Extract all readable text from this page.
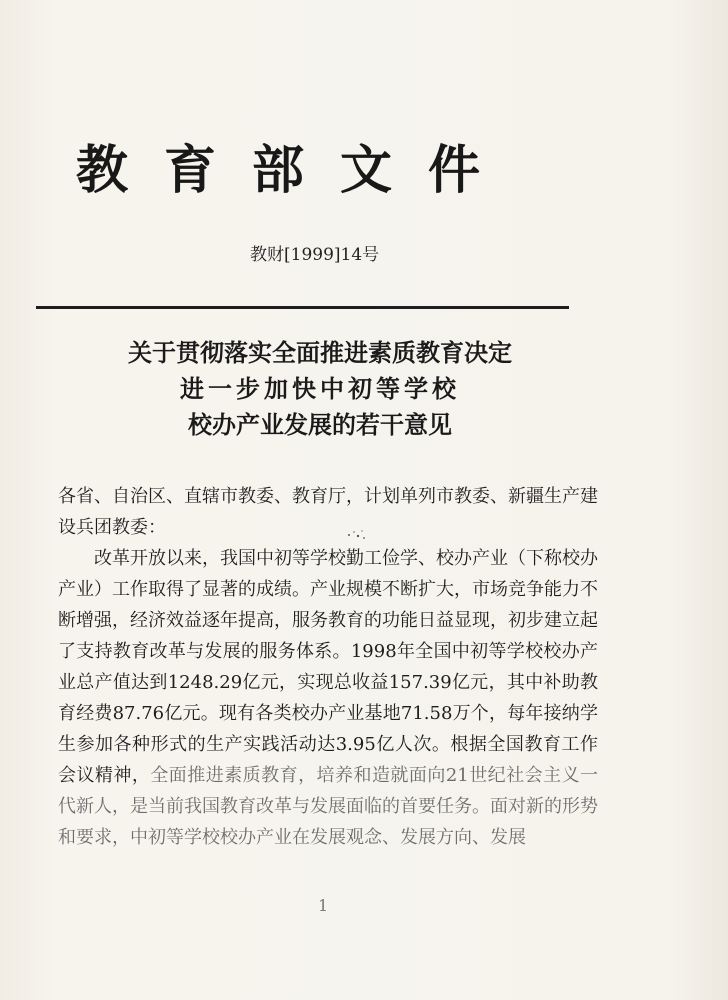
教育部文件
教财[1999]14号
关于贯彻落实全面推进素质教育决定
进一步加快中初等学校
校办产业发展的若干意见

各省、自治区、直辖市教委、教育厅，计划单列市教委、新疆生产建设兵团教委：

改革开放以来，我国中初等学校勤工俭学、校办产业（下称校办产业）工作取得了显著的成绩。产业规模不断扩大，市场竞争能力不断增强，经济效益逐年提高，服务教育的功能日益显现，初步建立起了支持教育改革与发展的服务体系。1998年全国中初等学校校办产业总产值达到1248.29亿元，实现总收益157.39亿元，其中补助教育经费87.76亿元。现有各类校办产业基地71.58万个，每年接纳学生参加各种形式的生产实践活动达3.95亿人次。根据全国教育工作会议精神，全面推进素质教育，培养和造就面向21世纪社会主义一代新人，是当前我国教育改革与发展面临的首要任务。面对新的形势和要求，中初等学校校办产业在发展观念、发展方向、发展

1
